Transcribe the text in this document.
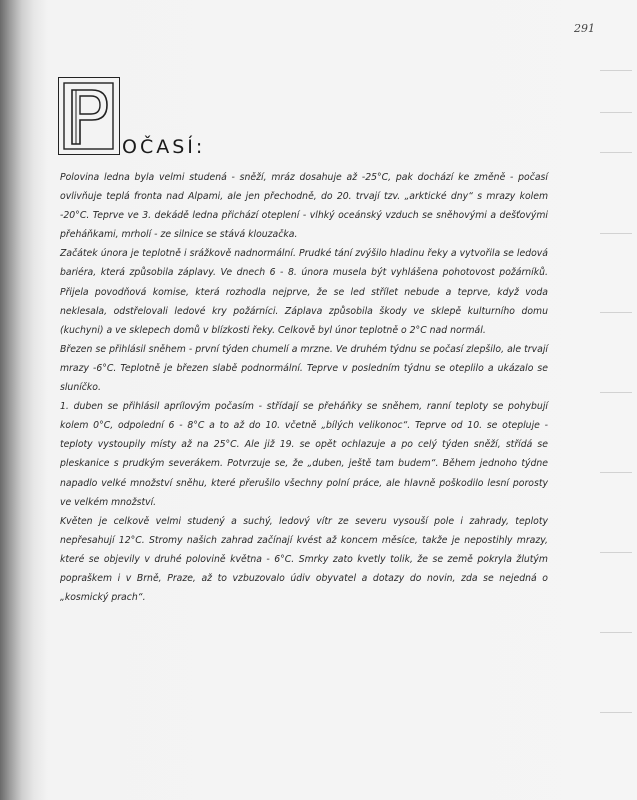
291
OČASÍ:

Polovina ledna byla velmi studená - sněží, mráz dosahuje až -25°C, pak dochází ke změně - počasí ovlivňuje teplá fronta nad Alpami, ale jen přechodně, do 20. trvají tzv. „arktické dny“ s mrazy kolem -20°C. Teprve ve 3. dekádě ledna přichází oteplení - vlhký oceánský vzduch se sněhovými a dešťovými přeháňkami, mrholí - ze silnice se stává klouzačka.

Začátek února je teplotně i srážkově nadnormální. Prudké tání zvýšilo hladinu řeky a vytvořila se ledová bariéra, která způsobila záplavy. Ve dnech 6 - 8. února musela být vyhlášena pohotovost požárníků. Přijela povodňová komise, která rozhodla nejprve, že se led střílet nebude a teprve, když voda neklesala, odstřelovali ledové kry požárníci. Záplava způsobila škody ve sklepě kulturního domu (kuchyni) a ve sklepech domů v blízkosti řeky. Celkově byl únor teplotně o 2°C nad normál.

Březen se přihlásil sněhem - první týden chumelí a mrzne. Ve druhém týdnu se počasí zlepšilo, ale trvají mrazy -6°C. Teplotně je březen slabě podnormální. Teprve v posledním týdnu se oteplilo a ukázalo se sluníčko.

1. duben se přihlásil aprílovým počasím - střídají se přeháňky se sněhem, ranní teploty se pohybují kolem 0°C, odpolední 6 - 8°C a to až do 10. včetně „bílých velikonoc“. Teprve od 10. se otepluje - teploty vystoupily místy až na 25°C. Ale již 19. se opět ochlazuje a po celý týden sněží, střídá se pleskanice s prudkým severákem. Potvrzuje se, že „duben, ještě tam budem“. Během jednoho týdne napadlo velké množství sněhu, které přerušilo všechny polní práce, ale hlavně poškodilo lesní porosty ve velkém množství.

Květen je celkově velmi studený a suchý, ledový vítr ze severu vysouší pole i zahrady, teploty nepřesahují 12°C. Stromy našich zahrad začínají kvést až koncem měsíce, takže je nepostihly mrazy, které se objevily v druhé polovině května - 6°C. Smrky zato kvetly tolik, že se země pokryla žlutým popraškem i v Brně, Praze, až to vzbuzovalo údiv obyvatel a dotazy do novin, zda se nejedná o „kosmický prach“.
